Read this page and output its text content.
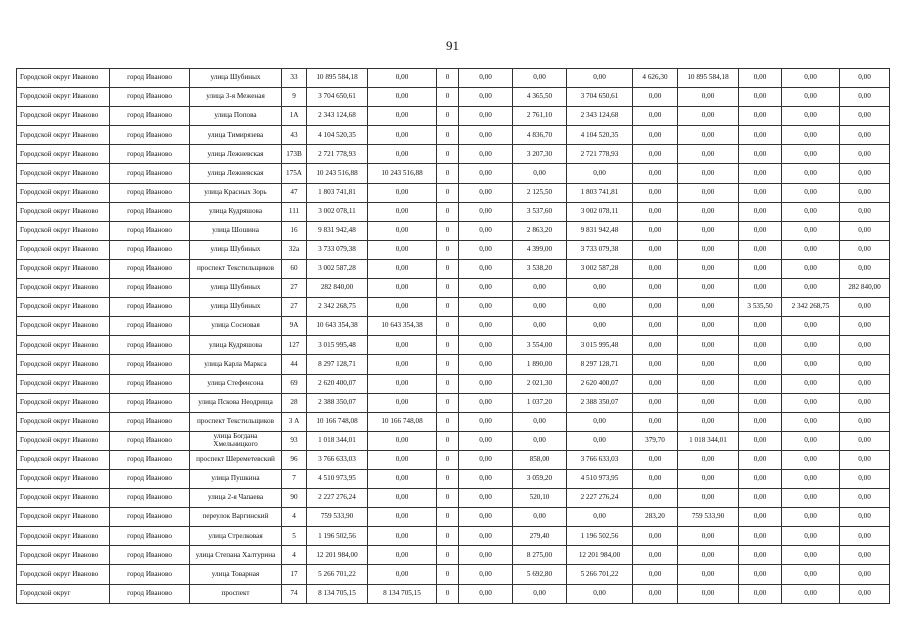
91
Городской округ Иваново	город Иваново	улица Шубиных	33	10 895 584,18	0,00	0	0,00	0,00	0,00	4 626,30	10 895 584,18	0,00	0,00	0,00
Городской округ Иваново	город Иваново	улица 3-я Меженая	9	3 704 650,61	0,00	0	0,00	4 365,50	3 704 650,61	0,00	0,00	0,00	0,00	0,00
Городской округ Иваново	город Иваново	улица Попова	1А	2 343 124,68	0,00	0	0,00	2 761,10	2 343 124,68	0,00	0,00	0,00	0,00	0,00
Городской округ Иваново	город Иваново	улица Тимирязева	43	4 104 520,35	0,00	0	0,00	4 836,70	4 104 520,35	0,00	0,00	0,00	0,00	0,00
Городской округ Иваново	город Иваново	улица Лежневская	173В	2 721 778,93	0,00	0	0,00	3 207,30	2 721 778,93	0,00	0,00	0,00	0,00	0,00
Городской округ Иваново	город Иваново	улица Лежневская	175А	10 243 516,88	10 243 516,88	0	0,00	0,00	0,00	0,00	0,00	0,00	0,00	0,00
Городской округ Иваново	город Иваново	улица Красных Зорь	47	1 803 741,81	0,00	0	0,00	2 125,50	1 803 741,81	0,00	0,00	0,00	0,00	0,00
Городской округ Иваново	город Иваново	улица Кудряшова	111	3 002 078,11	0,00	0	0,00	3 537,60	3 002 078,11	0,00	0,00	0,00	0,00	0,00
Городской округ Иваново	город Иваново	улица Шошина	16	9 831 942,48	0,00	0	0,00	2 863,20	9 831 942,48	0,00	0,00	0,00	0,00	0,00
Городской округ Иваново	город Иваново	улица Шубиных	32а	3 733 079,38	0,00	0	0,00	4 399,00	3 733 079,38	0,00	0,00	0,00	0,00	0,00
Городской округ Иваново	город Иваново	проспект Текстильщиков	60	3 002 587,28	0,00	0	0,00	3 538,20	3 002 587,28	0,00	0,00	0,00	0,00	0,00
Городской округ Иваново	город Иваново	улица Шубиных	27	282 840,00	0,00	0	0,00	0,00	0,00	0,00	0,00	0,00	0,00	282 840,00
Городской округ Иваново	город Иваново	улица Шубиных	27	2 342 268,75	0,00	0	0,00	0,00	0,00	0,00	0,00	3 535,50	2 342 268,75	0,00
Городской округ Иваново	город Иваново	улица Сосновая	9А	10 643 354,38	10 643 354,38	0	0,00	0,00	0,00	0,00	0,00	0,00	0,00	0,00
Городской округ Иваново	город Иваново	улица Кудряшова	127	3 015 995,48	0,00	0	0,00	3 554,00	3 015 995,48	0,00	0,00	0,00	0,00	0,00
Городской округ Иваново	город Иваново	улица Карла Маркса	44	8 297 128,71	0,00	0	0,00	1 890,00	8 297 128,71	0,00	0,00	0,00	0,00	0,00
Городской округ Иваново	город Иваново	улица Стефенсона	69	2 620 400,07	0,00	0	0,00	2 021,30	2 620 400,07	0,00	0,00	0,00	0,00	0,00
Городской округ Иваново	город Иваново	улица Пскова Неодрища	28	2 388 350,07	0,00	0	0,00	1 037,20	2 388 350,07	0,00	0,00	0,00	0,00	0,00
Городской округ Иваново	город Иваново	проспект Текстильщиков	3 А	10 166 748,08	10 166 748,08	0	0,00	0,00	0,00	0,00	0,00	0,00	0,00	0,00
Городской округ Иваново	город Иваново	улица Богдана Хмельницкого	93	1 018 344,01	0,00	0	0,00	0,00	0,00	379,70	1 018 344,01	0,00	0,00	0,00
Городской округ Иваново	город Иваново	проспект Шереметевский	96	3 766 633,03	0,00	0	0,00	858,00	3 766 633,03	0,00	0,00	0,00	0,00	0,00
Городской округ Иваново	город Иваново	улица Пушкина	7	4 510 973,95	0,00	0	0,00	3 059,20	4 510 973,95	0,00	0,00	0,00	0,00	0,00
Городской округ Иваново	город Иваново	улица 2-я Чапаева	90	2 227 276,24	0,00	0	0,00	520,10	2 227 276,24	0,00	0,00	0,00	0,00	0,00
Городской округ Иваново	город Иваново	переулок Варгинский	4	759 533,90	0,00	0	0,00	0,00	0,00	283,20	759 533,90	0,00	0,00	0,00
Городской округ Иваново	город Иваново	улица Стрелковая	5	1 196 502,56	0,00	0	0,00	279,40	1 196 502,56	0,00	0,00	0,00	0,00	0,00
Городской округ Иваново	город Иваново	улица Степана Халтурина	4	12 201 984,00	0,00	0	0,00	8 275,00	12 201 984,00	0,00	0,00	0,00	0,00	0,00
Городской округ Иваново	город Иваново	улица Товарная	17	5 266 701,22	0,00	0	0,00	5 692,80	5 266 701,22	0,00	0,00	0,00	0,00	0,00
Городской округ	город Иваново	проспект	74	8 134 705,15	8 134 705,15	0	0,00	0,00	0,00	0,00	0,00	0,00	0,00	0,00
